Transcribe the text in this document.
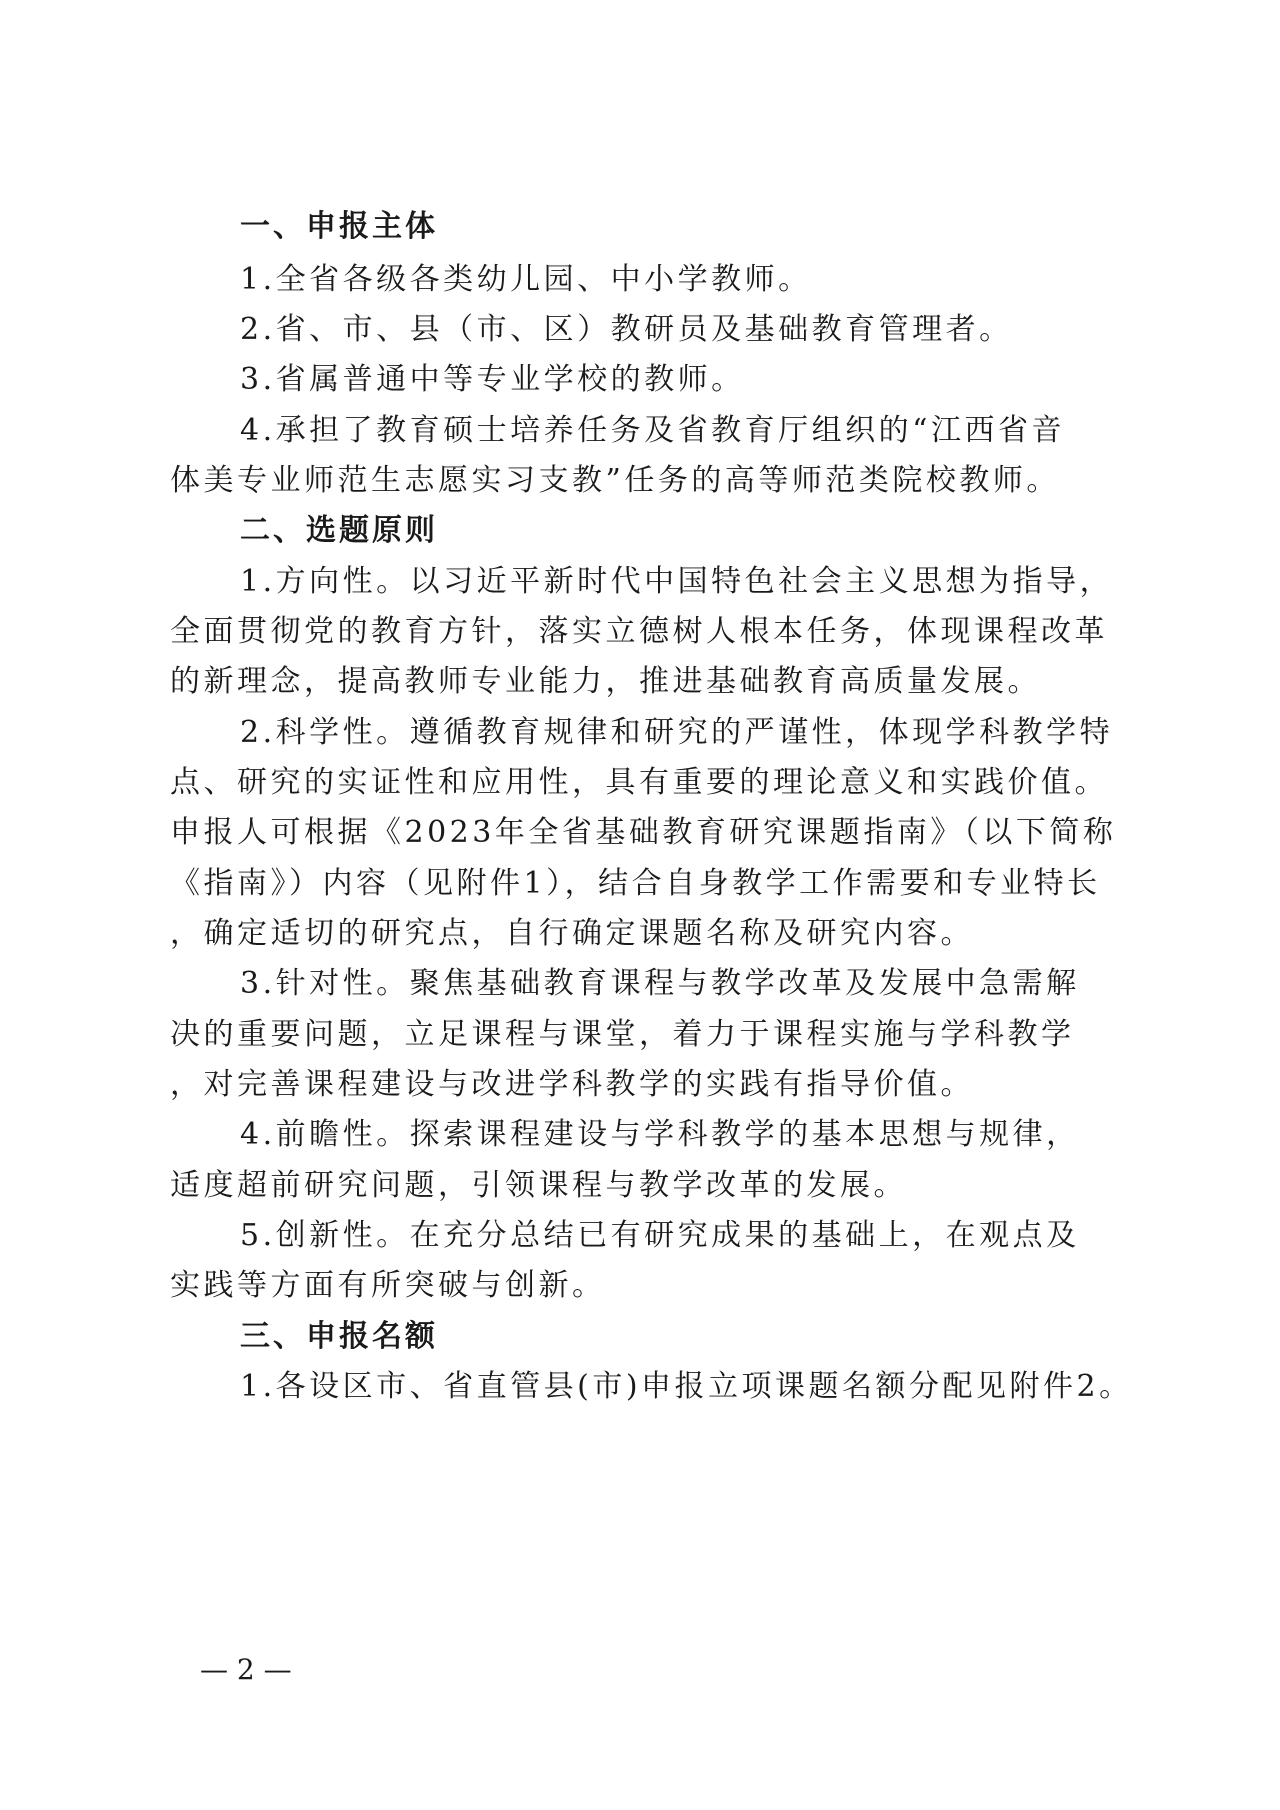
一、申报主体
1.全省各级各类幼儿园、中小学教师。
2.省、市、县（市、区）教研员及基础教育管理者。
3.省属普通中等专业学校的教师。
4.承担了教育硕士培养任务及省教育厅组织的“江西省音
体美专业师范生志愿实习支教”任务的高等师范类院校教师。
二、选题原则
1.方向性。以习近平新时代中国特色社会主义思想为指导，
全面贯彻党的教育方针，落实立德树人根本任务，体现课程改革
的新理念，提高教师专业能力，推进基础教育高质量发展。
2.科学性。遵循教育规律和研究的严谨性，体现学科教学特
点、研究的实证性和应用性，具有重要的理论意义和实践价值。
申报人可根据《2023年全省基础教育研究课题指南》（以下简称
《指南》）内容（见附件1），结合自身教学工作需要和专业特长
，确定适切的研究点，自行确定课题名称及研究内容。
3.针对性。聚焦基础教育课程与教学改革及发展中急需解
决的重要问题，立足课程与课堂，着力于课程实施与学科教学
，对完善课程建设与改进学科教学的实践有指导价值。
4.前瞻性。探索课程建设与学科教学的基本思想与规律，
适度超前研究问题，引领课程与教学改革的发展。
5.创新性。在充分总结已有研究成果的基础上，在观点及
实践等方面有所突破与创新。
三、申报名额
1.各设区市、省直管县(市)申报立项课题名额分配见附件2。
— 2 —
